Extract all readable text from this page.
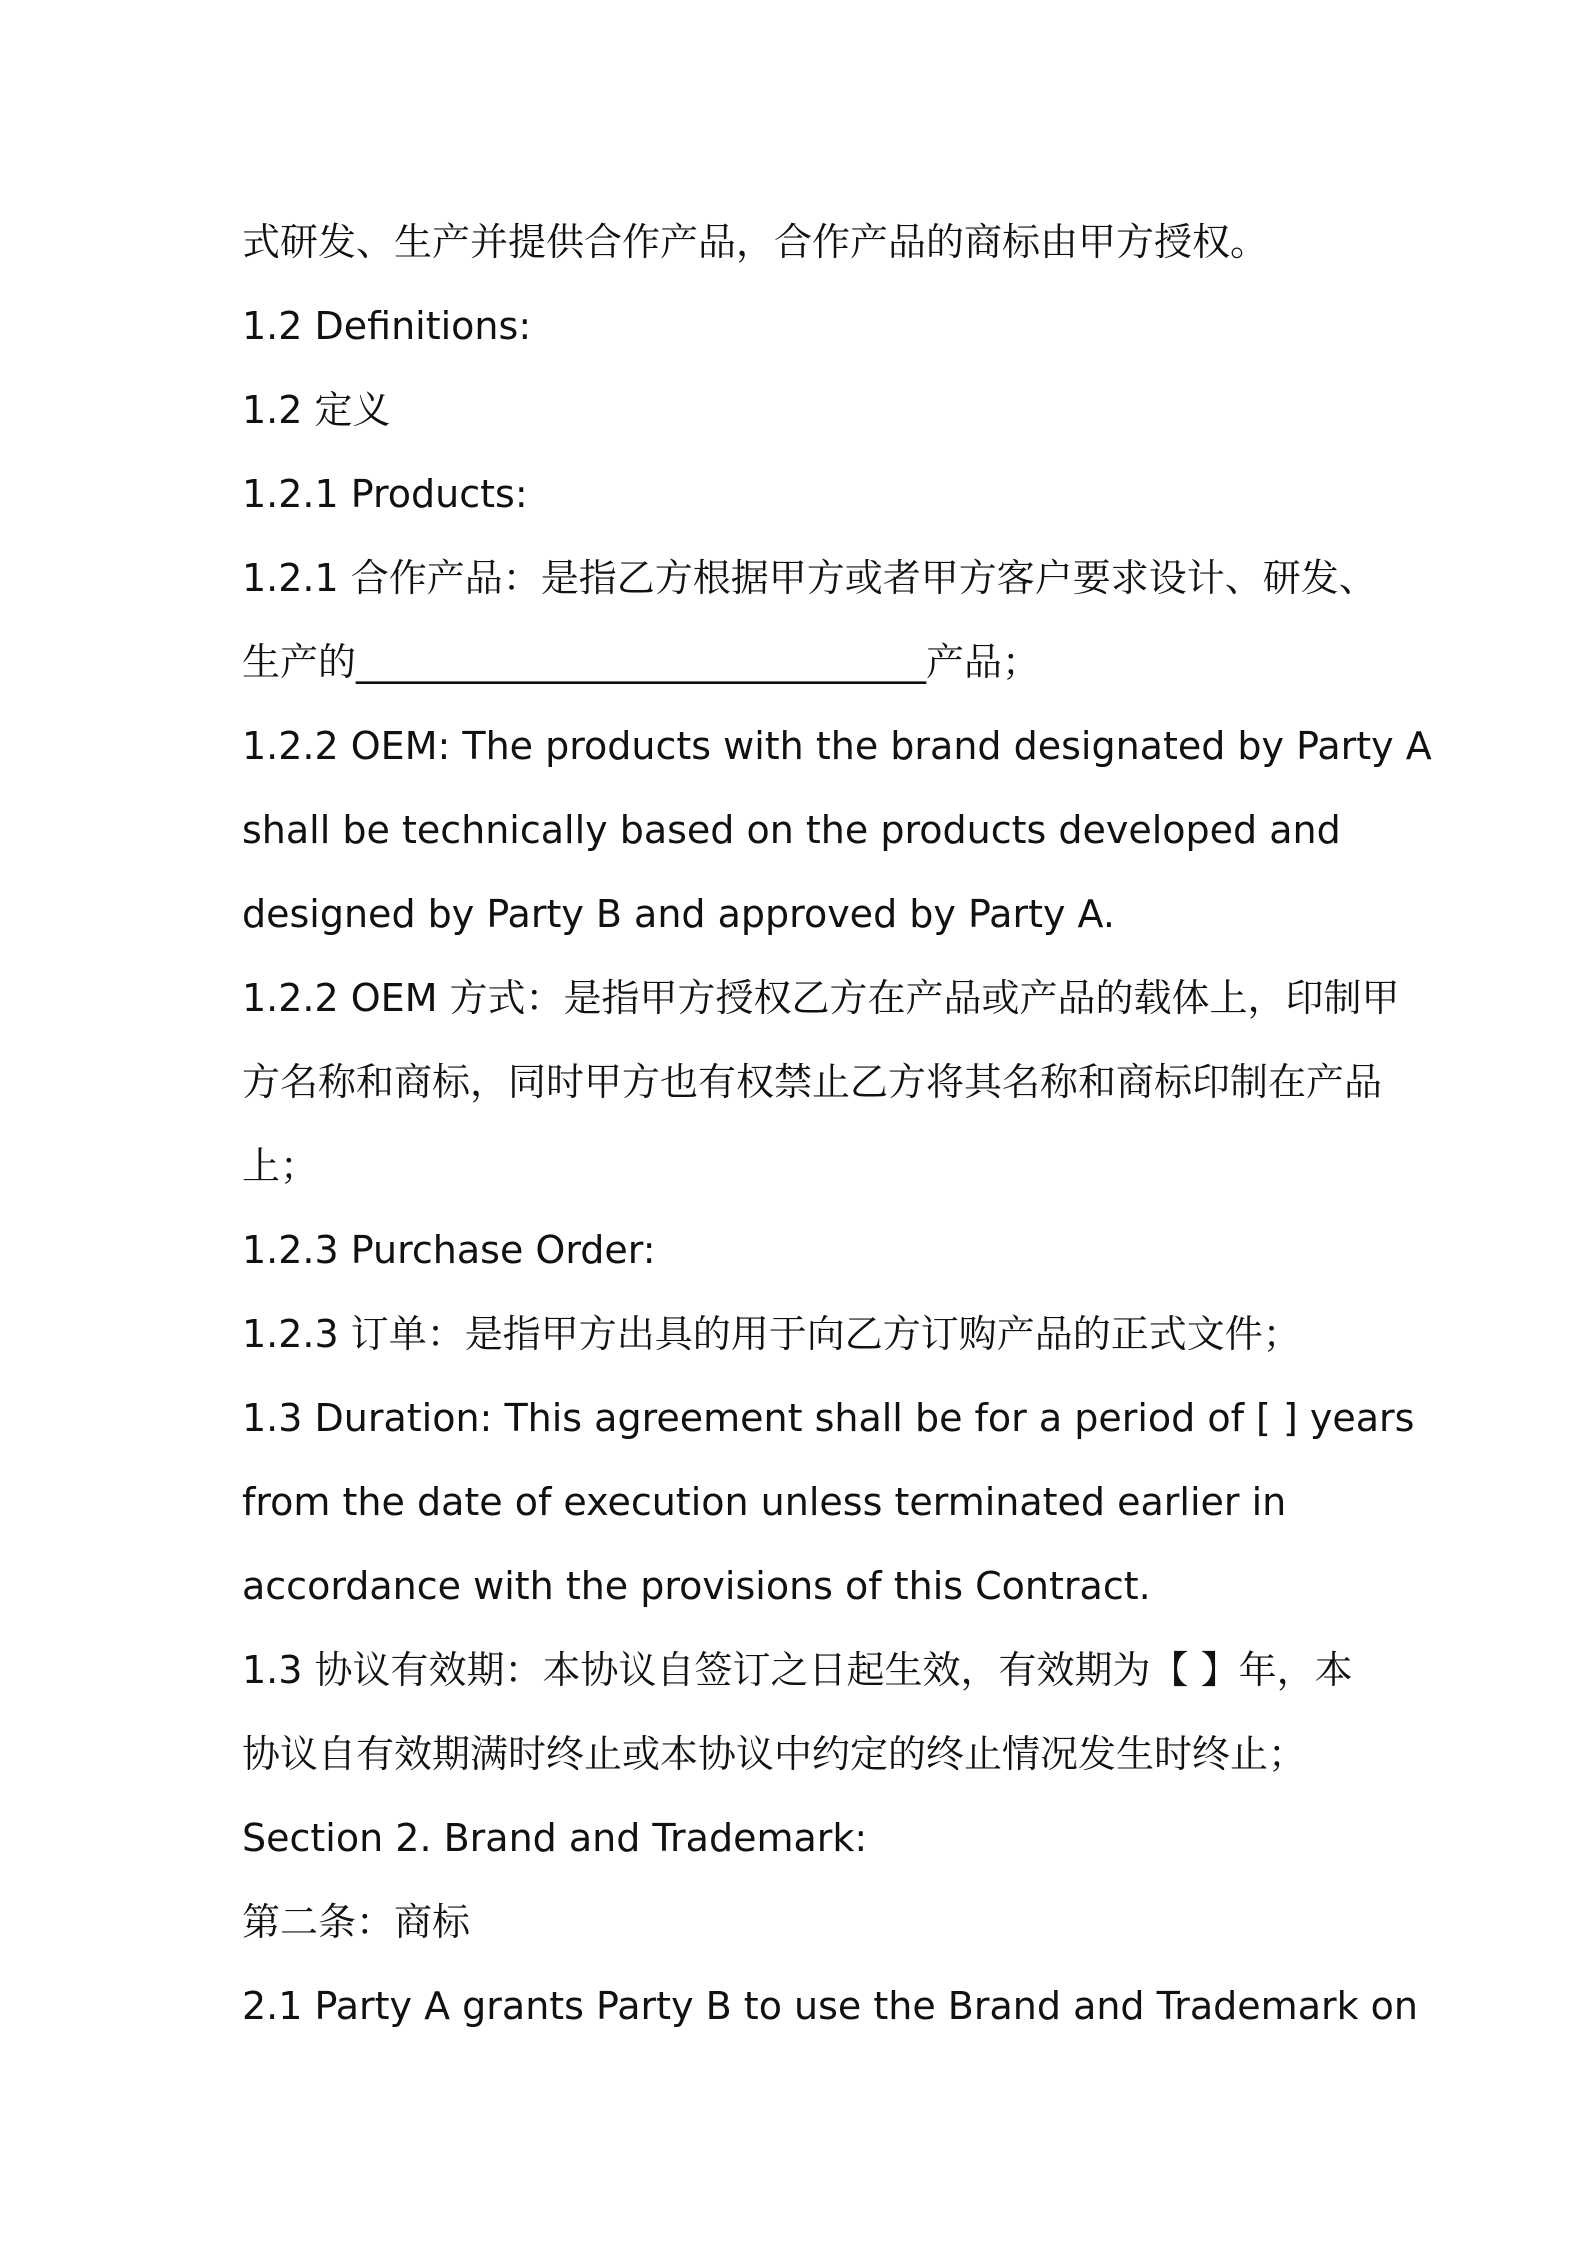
式研发、生产并提供合作产品，合作产品的商标由甲方授权。
1.2 Definitions:
1.2 定义
1.2.1 Products:
1.2.1 合作产品：是指乙方根据甲方或者甲方客户要求设计、研发、
生产的______________________________产品；
1.2.2 OEM: The products with the brand designated by Party A
shall be technically based on the products developed and
designed by Party B and approved by Party A.
1.2.2 OEM 方式：是指甲方授权乙方在产品或产品的载体上，印制甲
方名称和商标，同时甲方也有权禁止乙方将其名称和商标印制在产品
上；
1.2.3 Purchase Order:
1.2.3 订单：是指甲方出具的用于向乙方订购产品的正式文件；
1.3 Duration: This agreement shall be for a period of [ ] years
from the date of execution unless terminated earlier in
accordance with the provisions of this Contract.
1.3 协议有效期：本协议自签订之日起生效，有效期为【 】年，本
协议自有效期满时终止或本协议中约定的终止情况发生时终止；
Section 2. Brand and Trademark:
第二条：商标
2.1 Party A grants Party B to use the Brand and Trademark on
